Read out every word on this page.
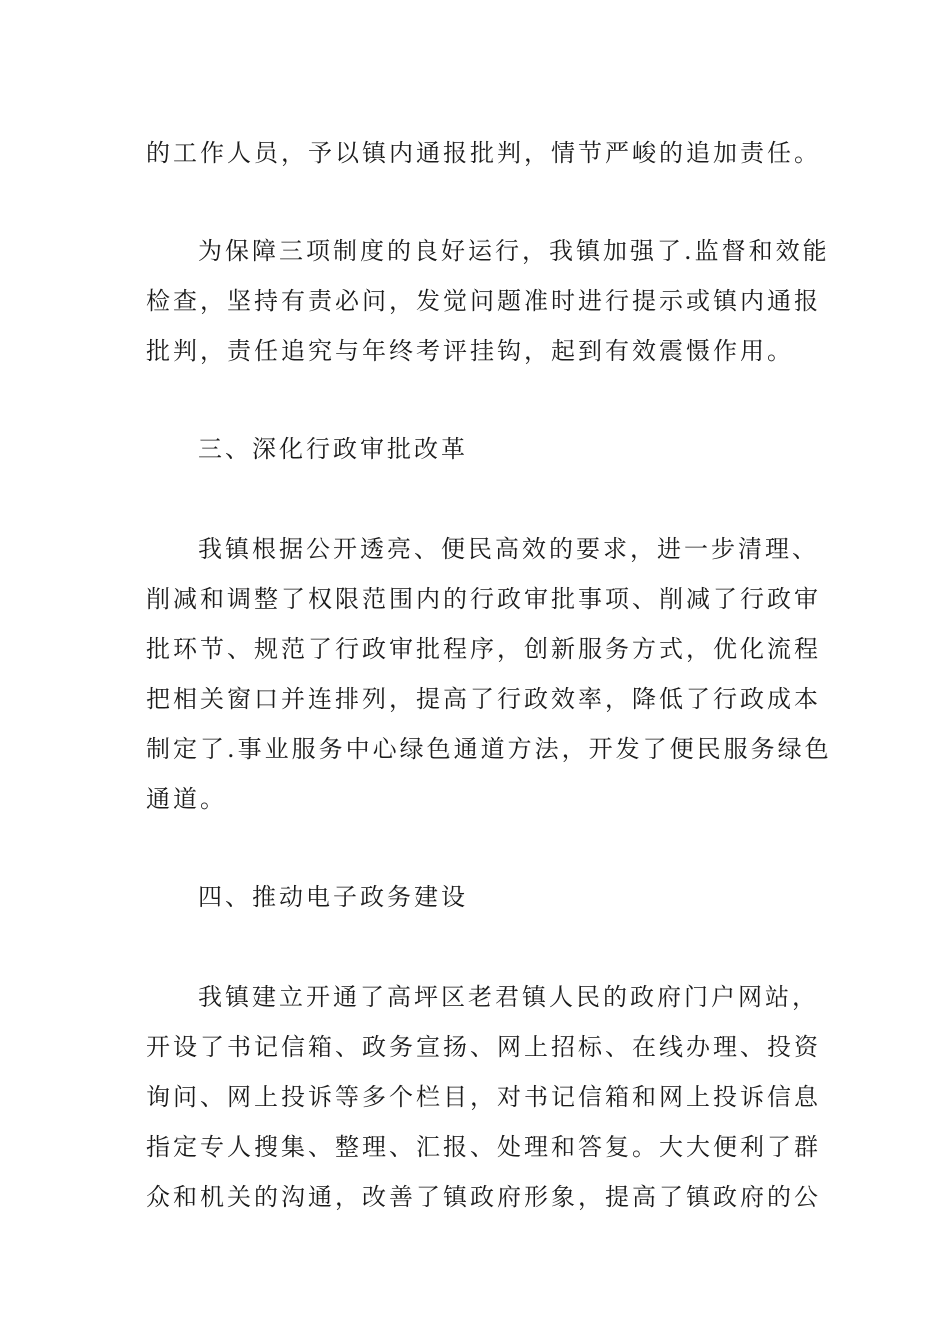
的工作人员，予以镇内通报批判，情节严峻的追加责任。
为保障三项制度的良好运行，我镇加强了.监督和效能
检查，坚持有责必问，发觉问题准时进行提示或镇内通报
批判，责任追究与年终考评挂钩，起到有效震慑作用。
三、深化行政审批改革
我镇根据公开透亮、便民高效的要求，进一步清理、
削减和调整了权限范围内的行政审批事项、削减了行政审
批环节、规范了行政审批程序，创新服务方式，优化流程
把相关窗口并连排列，提高了行政效率，降低了行政成本
制定了.事业服务中心绿色通道方法，开发了便民服务绿色
通道。
四、推动电子政务建设
我镇建立开通了高坪区老君镇人民的政府门户网站，
开设了书记信箱、政务宣扬、网上招标、在线办理、投资
询问、网上投诉等多个栏目，对书记信箱和网上投诉信息
指定专人搜集、整理、汇报、处理和答复。大大便利了群
众和机关的沟通，改善了镇政府形象，提高了镇政府的公
